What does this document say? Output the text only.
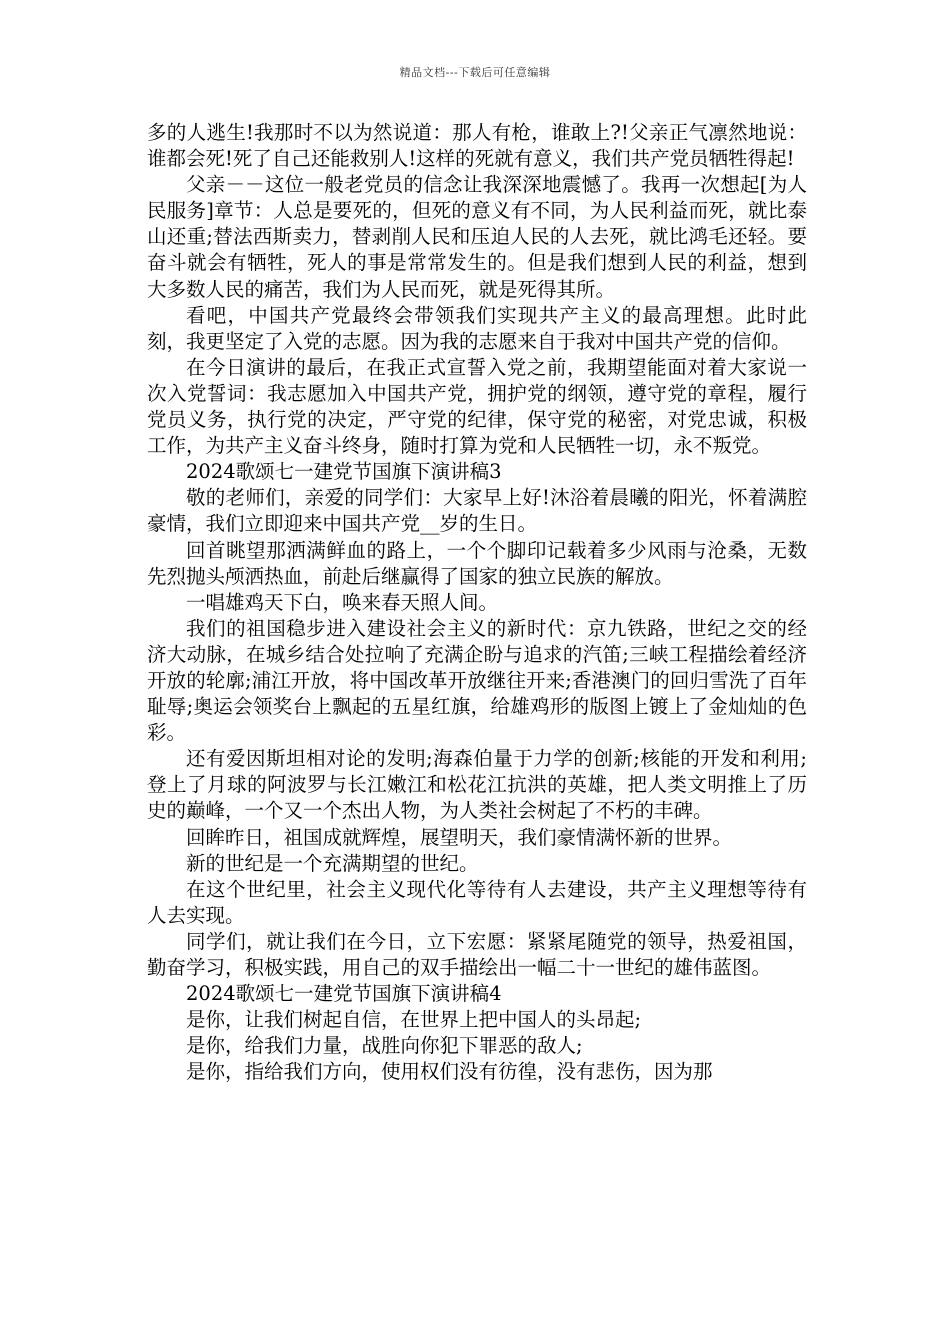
精品文档---下载后可任意编辑

多的人逃生!我那时不以为然说道：那人有枪，谁敢上?!父亲正气凛然地说：谁都会死!死了自己还能救别人!这样的死就有意义，我们共产党员牺牲得起!

父亲－－这位一般老党员的信念让我深深地震憾了。我再一次想起[为人民服务]章节：人总是要死的，但死的意义有不同，为人民利益而死，就比泰山还重;替法西斯卖力，替剥削人民和压迫人民的人去死，就比鸿毛还轻。要奋斗就会有牺牲，死人的事是常常发生的。但是我们想到人民的利益，想到大多数人民的痛苦，我们为人民而死，就是死得其所。

看吧，中国共产党最终会带领我们实现共产主义的最高理想。此时此刻，我更坚定了入党的志愿。因为我的志愿来自于我对中国共产党的信仰。

在今日演讲的最后，在我正式宣誓入党之前，我期望能面对着大家说一次入党誓词：我志愿加入中国共产党，拥护党的纲领，遵守党的章程，履行党员义务，执行党的决定，严守党的纪律，保守党的秘密，对党忠诚，积极工作，为共产主义奋斗终身，随时打算为党和人民牺牲一切，永不叛党。

2024歌颂七一建党节国旗下演讲稿3

敬的老师们，亲爱的同学们：大家早上好!沐浴着晨曦的阳光，怀着满腔豪情，我们立即迎来中国共产党__岁的生日。

回首眺望那洒满鲜血的路上，一个个脚印记载着多少风雨与沧桑，无数先烈抛头颅洒热血，前赴后继赢得了国家的独立民族的解放。

一唱雄鸡天下白，唤来春天照人间。

我们的祖国稳步进入建设社会主义的新时代：京九铁路，世纪之交的经济大动脉，在城乡结合处拉响了充满企盼与追求的汽笛;三峡工程描绘着经济开放的轮廓;浦江开放，将中国改革开放继往开来;香港澳门的回归雪洗了百年耻辱;奥运会领奖台上飘起的五星红旗，给雄鸡形的版图上镀上了金灿灿的色彩。

还有爱因斯坦相对论的发明;海森伯量于力学的创新;核能的开发和利用;登上了月球的阿波罗与长江嫩江和松花江抗洪的英雄，把人类文明推上了历史的巅峰，一个又一个杰出人物，为人类社会树起了不朽的丰碑。

回眸昨日，祖国成就辉煌，展望明天，我们豪情满怀新的世界。

新的世纪是一个充满期望的世纪。

在这个世纪里，社会主义现代化等待有人去建设，共产主义理想等待有人去实现。

同学们，就让我们在今日，立下宏愿：紧紧尾随党的领导，热爱祖国，勤奋学习，积极实践，用自己的双手描绘出一幅二十一世纪的雄伟蓝图。

2024歌颂七一建党节国旗下演讲稿4

是你，让我们树起自信，在世界上把中国人的头昂起;

是你，给我们力量，战胜向你犯下罪恶的敌人;

是你，指给我们方向，使用权们没有彷徨，没有悲伤，因为那
